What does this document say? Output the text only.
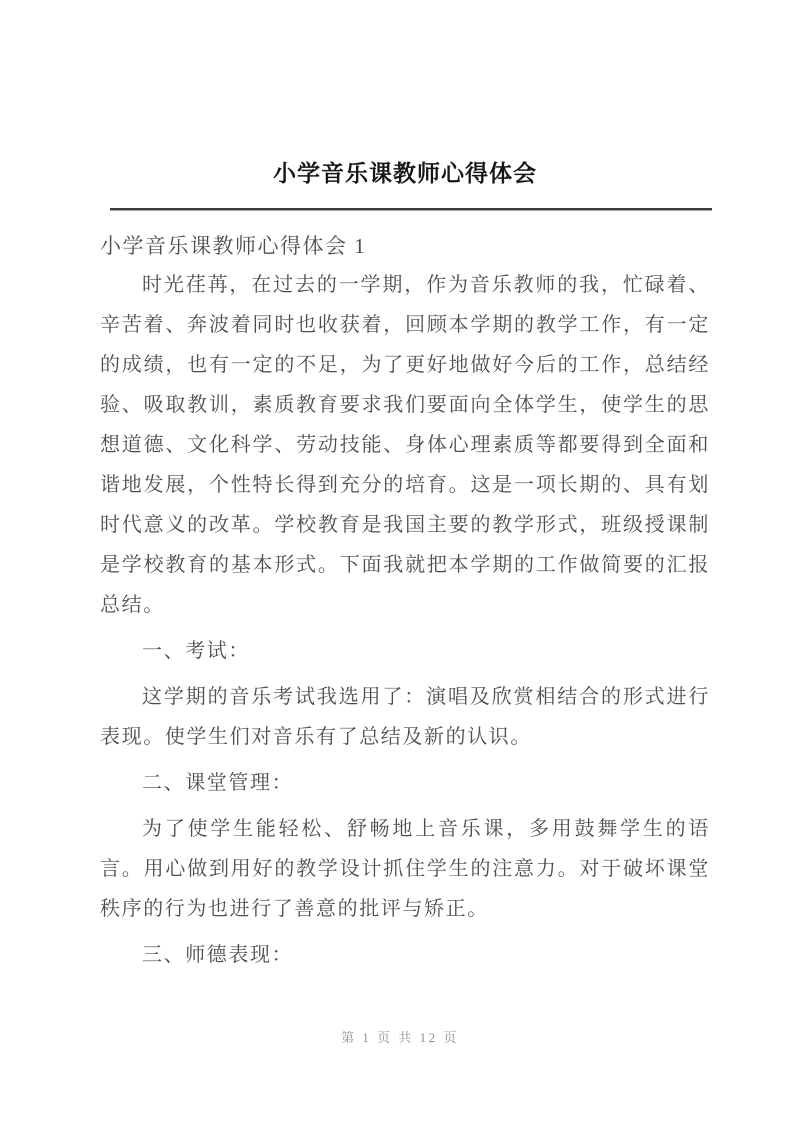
小学音乐课教师心得体会

小学音乐课教师心得体会 1

时光荏苒，在过去的一学期，作为音乐教师的我，忙碌着、辛苦着、奔波着同时也收获着，回顾本学期的教学工作，有一定的成绩，也有一定的不足，为了更好地做好今后的工作，总结经验、吸取教训，素质教育要求我们要面向全体学生，使学生的思想道德、文化科学、劳动技能、身体心理素质等都要得到全面和谐地发展，个性特长得到充分的培育。这是一项长期的、具有划时代意义的改革。学校教育是我国主要的教学形式，班级授课制是学校教育的基本形式。下面我就把本学期的工作做简要的汇报总结。

一、考试：

这学期的音乐考试我选用了：演唱及欣赏相结合的形式进行表现。使学生们对音乐有了总结及新的认识。

二、课堂管理：

为了使学生能轻松、舒畅地上音乐课，多用鼓舞学生的语言。用心做到用好的教学设计抓住学生的注意力。对于破坏课堂秩序的行为也进行了善意的批评与矫正。

三、师德表现：

第 1 页 共 12 页
